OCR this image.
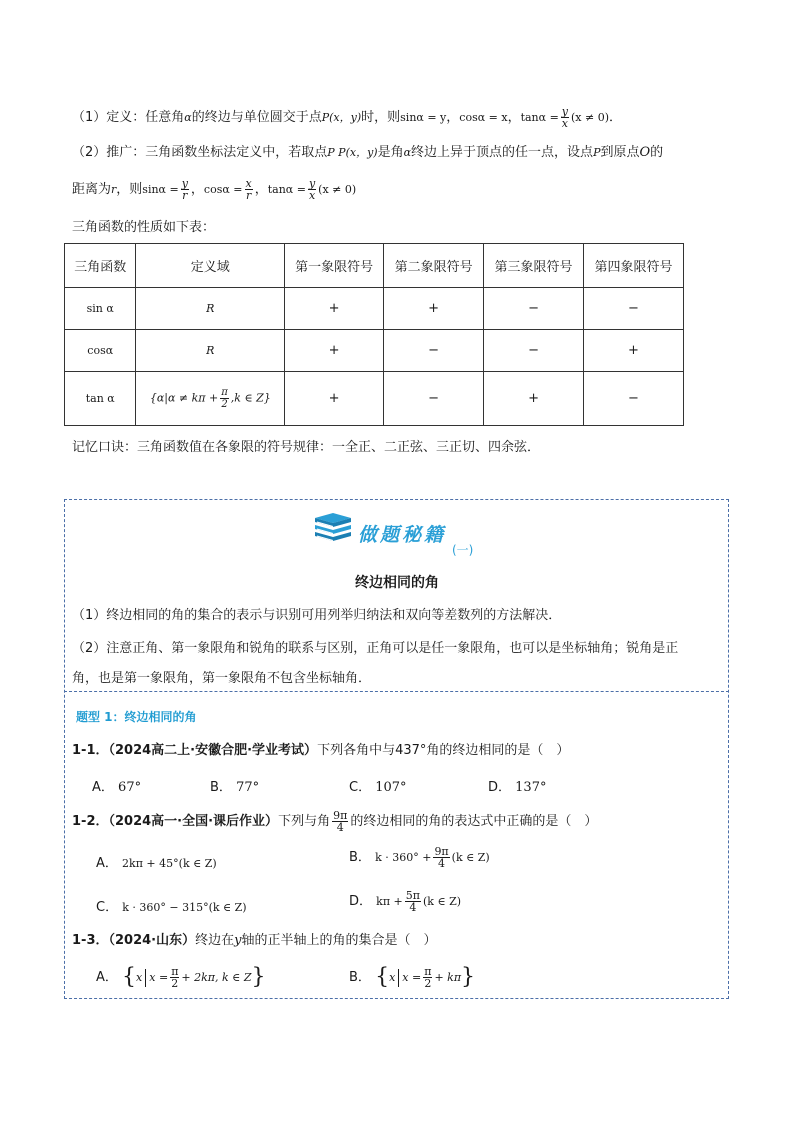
（1）定义：任意角α的终边与单位圆交于点P(x，y)时，则sinα = y，cosα = x，$\tan\alpha = \frac{y}{x} (x \ne 0)$．
（2）推广：三角函数坐标法定义中，若取点P P(x，y)是角α终边上异于顶点的任一点，设点P到原点O的
距离为r，则$\sin\alpha = \frac{y}{r}$ ，$\cos\alpha = \frac{x}{r}$ ，$\tan\alpha = \frac{y}{x} (x \ne 0)$
三角函数的性质如下表：
三角函数	定义域	第一象限符号	第二象限符号	第三象限符号	第四象限符号
sin α	R	+	+	−	−
cosα	R	+	−	−	+
tan α	{$\alpha|\alpha \ne k\pi + \frac{\pi}{2} ,k$ ∈ Z}	+	−	+	−
记忆口诀：三角函数值在各象限的符号规律：一全正、二正弦、三正切、四余弦．
做题秘籍
(一)
终边相同的角
（1）终边相同的角的集合的表示与识别可用列举归纳法和双向等差数列的方法解决．
（2）注意正角、第一象限角和锐角的联系与区别，正角可以是任一象限角，也可以是坐标轴角；锐角是正
角，也是第一象限角，第一象限角不包含坐标轴角．
题型 1：终边相同的角
1-1．（2024高二上·安徽合肥·学业考试）下列各角中与437°角的终边相同的是（　）
A． 67°	B． 77°	C． 107°	D． 137°
1-2．（2024高一·全国·课后作业）下列与角 $\frac{9\pi}{4}$ 的终边相同的角的表达式中正确的是（　）
A． 2kπ + 45°(k ∈ Z)	B． $k \cdot 360^\circ + \frac{9\pi}{4} (k$ ∈ Z)
C． k · 360° − 315°(k ∈ Z)	D． $k\pi + \frac{5\pi}{4} (k$ ∈ Z)
1-3．（2024·山东）终边在y轴的正半轴上的角的集合是（　）
A． {x $x = \frac{\pi}{2} + 2k\pi$, k ∈ Z}	B． {x $x = \frac{\pi}{2} + k\pi$}
